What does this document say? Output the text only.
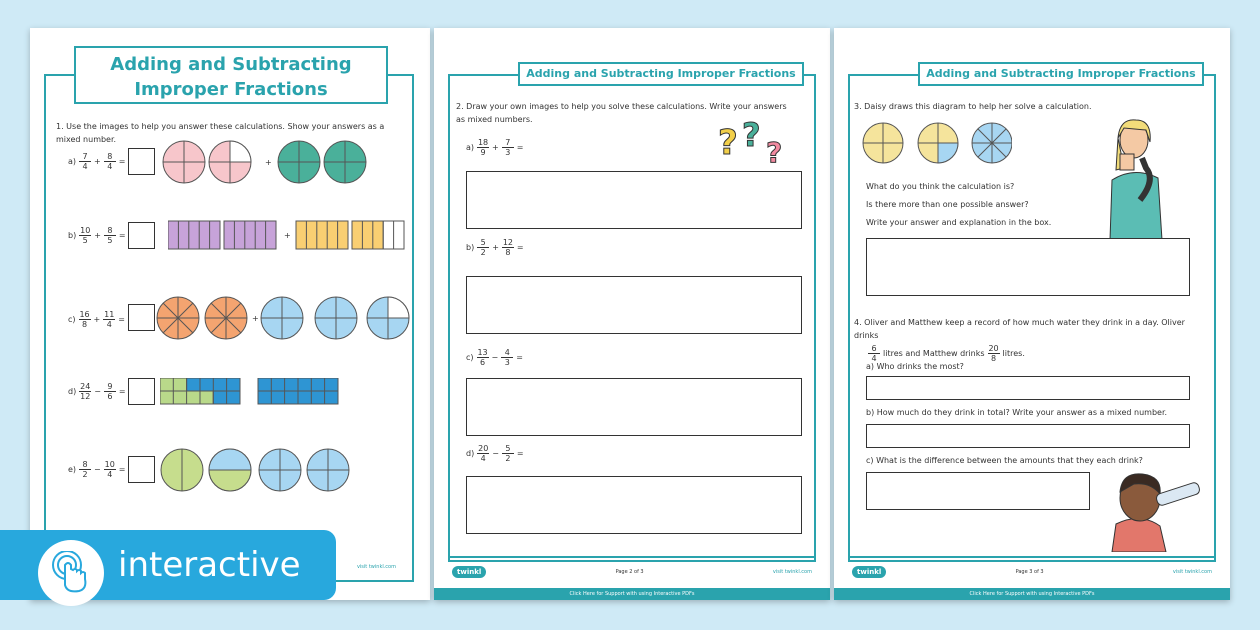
Adding and Subtracting
Improper Fractions
1. Use the images to help you answer these calculations. Show your answers as a mixed number.
$a) \frac{7}{4} + \frac{8}{4}$ =	+
$b) \frac{10}{5} + \frac{8}{5}$ =	+
$c) \frac{16}{8} + \frac{11}{4}$ =	+
$d) \frac{24}{12} - \frac{9}{6}$ =
$e) \frac{8}{2} - \frac{10}{4}$ =
visit twinkl.com
Adding and Subtracting Improper Fractions
2. Draw your own images to help you solve these calculations. Write your answers as mixed numbers.
? ? ?
$a) \frac{18}{9} + \frac{7}{3}$ =
$b) \frac{5}{2} + \frac{12}{8}$ =
$c) \frac{13}{6} - \frac{4}{3}$ =
$d) \frac{20}{4} - \frac{5}{2}$ =
twinkl	Page 2 of 3	visit twinkl.com
Click Here for Support with using Interactive PDFs
Adding and Subtracting Improper Fractions
3. Daisy draws this diagram to help her solve a calculation.
What do you think the calculation is?
Is there more than one possible answer?
Write your answer and explanation in the box.
4. Oliver and Matthew keep a record of how much water they drink in a day. Oliver drinks

$\frac{6}{4}$ litres and Matthew drinks $\frac{20}{8}$ litres.
a) Who drinks the most?
b) How much do they drink in total? Write your answer as a mixed number.
c) What is the difference between the amounts that they each drink?
twinkl	Page 3 of 3	visit twinkl.com
Click Here for Support with using Interactive PDFs
interactive
